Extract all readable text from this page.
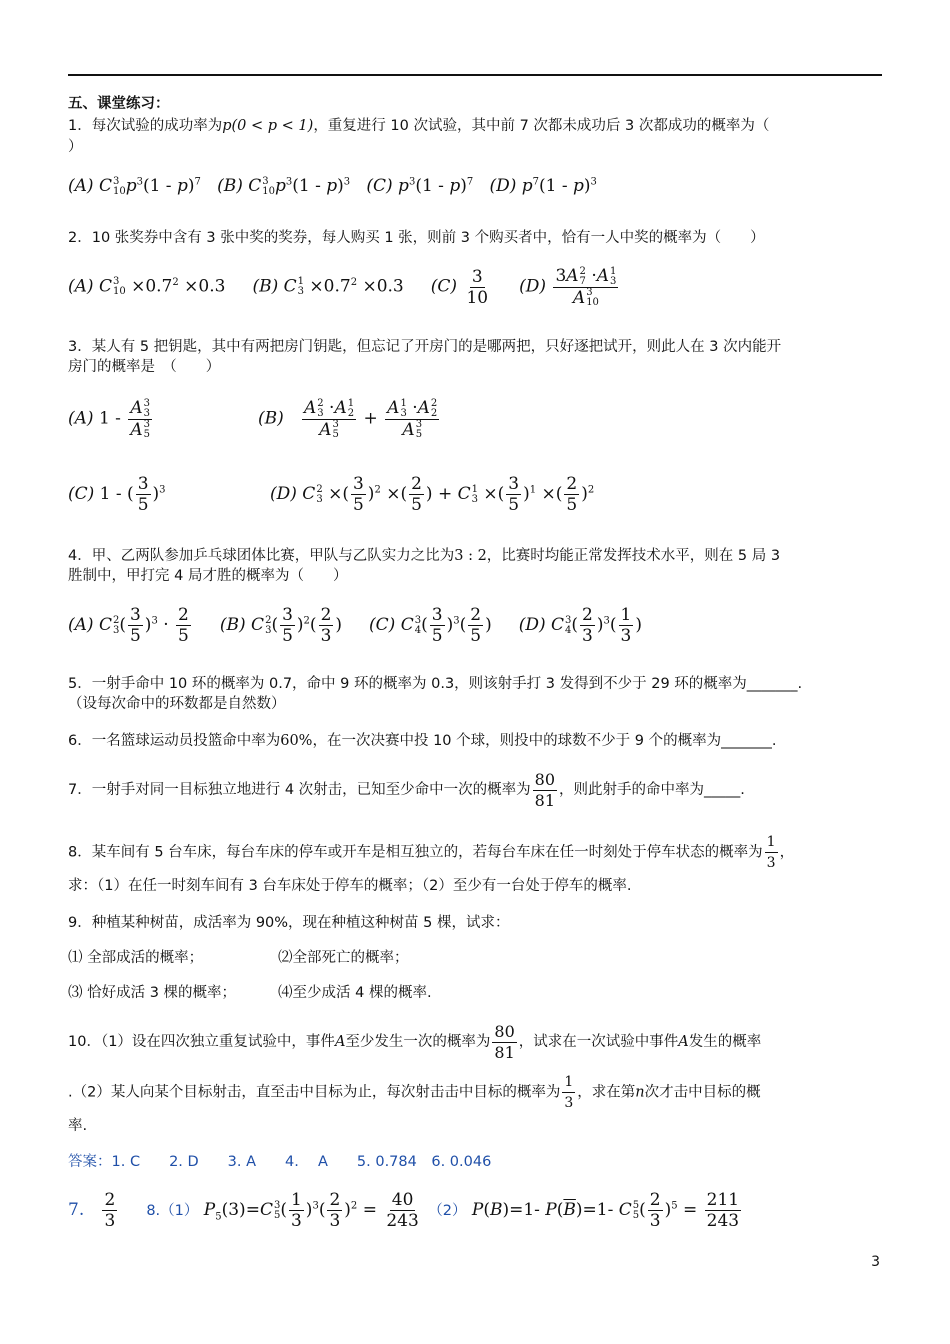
五、课堂练习：
1．每次试验的成功率为p(0 < p < 1)，重复进行 10 次试验，其中前 7 次都未成功后 3 次都成功的概率为（
）
(A) C 3
10 $p^3(1 - p)^7$ (B) C 3
10 $p^3(1 - p)^3$ (C) $p^3(1 - p)^7$ (D) $p^7(1 - p)^3$
2．10 张奖券中含有 3 张中奖的奖券，每人购买 1 张，则前 3 个购买者中，恰有一人中奖的概率为（　　）
(A) C 3
$10 \times 0.7^2 \times 0.3$     (B) C 1
$3 \times 0.7^2 \times 0.3$     $(C) \frac{3}{10} (D)$ 3A 2
7 ·A 1
3
A 3
10
3．某人有 5 把钥匙，其中有两把房门钥匙，但忘记了开房门的是哪两把，只好逐把试开，则此人在 3 次内能开
房门的概率是　（　　）
(A) 1 - A 3
3
A 3
5	(B) A 2
3 ·A 1
2
A 3
5 + A 1
3 ·A 2
2
A 3
5
(C) 1 - ( $\frac{3}{5} )^3$	(D) C 2
3 ×( $\frac{3}{5} )^2$ ×( $\frac{2}{5}$ ) + C 1
3 ×( $\frac{3}{5} )^1$ ×( $\frac{2}{5} )^2$
4．甲、乙两队参加乒乓球团体比赛，甲队与乙队实力之比为3 : 2，比赛时均能正常发挥技术水平，则在 5 局 3
胜制中，甲打完 4 局才胜的概率为（　　）
(A) C 2
3 ( $\frac{3}{5} )^3 \cdot \frac{2}{5} (B)$ C 2
3 ( $\frac{3}{5} )^2( \frac{2}{3}$ )     (C) C 3
4 ( $\frac{3}{5} )^3( \frac{2}{5}$ )     (D) C 3
4 ( $\frac{2}{3} )^3( \frac{1}{3}$ )
5．一射手命中 10 环的概率为 0.7，命中 9 环的概率为 0.3，则该射手打 3 发得到不少于 29 环的概率为_______.
（设每次命中的环数都是自然数）
6．一名篮球运动员投篮命中率为60%，在一次决赛中投 10 个球，则投中的球数不少于 9 个的概率为_______.
7．一射手对同一目标独立地进行 4 次射击，已知至少命中一次的概率为 $\frac{80}{81}$ ，则此射手的命中率为_____.
8．某车间有 5 台车床，每台车床的停车或开车是相互独立的，若每台车床在任一时刻处于停车状态的概率为 $\frac{1}{3}$ ，
求：（1）在任一时刻车间有 3 台车床处于停车的概率；（2）至少有一台处于停车的概率.
9．种植某种树苗，成活率为 90%，现在种植这种树苗 5 棵，试求：
⑴ 全部成活的概率；	⑵全部死亡的概率；
⑶ 恰好成活 3 棵的概率；	⑷至少成活 4 棵的概率.
10．（1）设在四次独立重复试验中，事件A至少发生一次的概率为 $\frac{80}{81}$ ，试求在一次试验中事件A发生的概率
.（2）某人向某个目标射击，直至击中目标为止，每次射击击中目标的概率为 $\frac{1}{3}$ ，求在第n次才击中目标的概
率.
答案：1. C　　2. D　　3. A　　4. 　A　　5. 0.784　6. 0.046
7. $\frac{2}{3} 8.(1)$ $P_5(3)=C$ 3
5 ( $\frac{1}{3} )^3( \frac{2}{3} )^2 = \frac{40}{243} (2)$ P(B)=1- $P(\overline{B})=1-$ C 5
5 ( $\frac{2}{3} )^5 = \frac{211}{243}$
3
